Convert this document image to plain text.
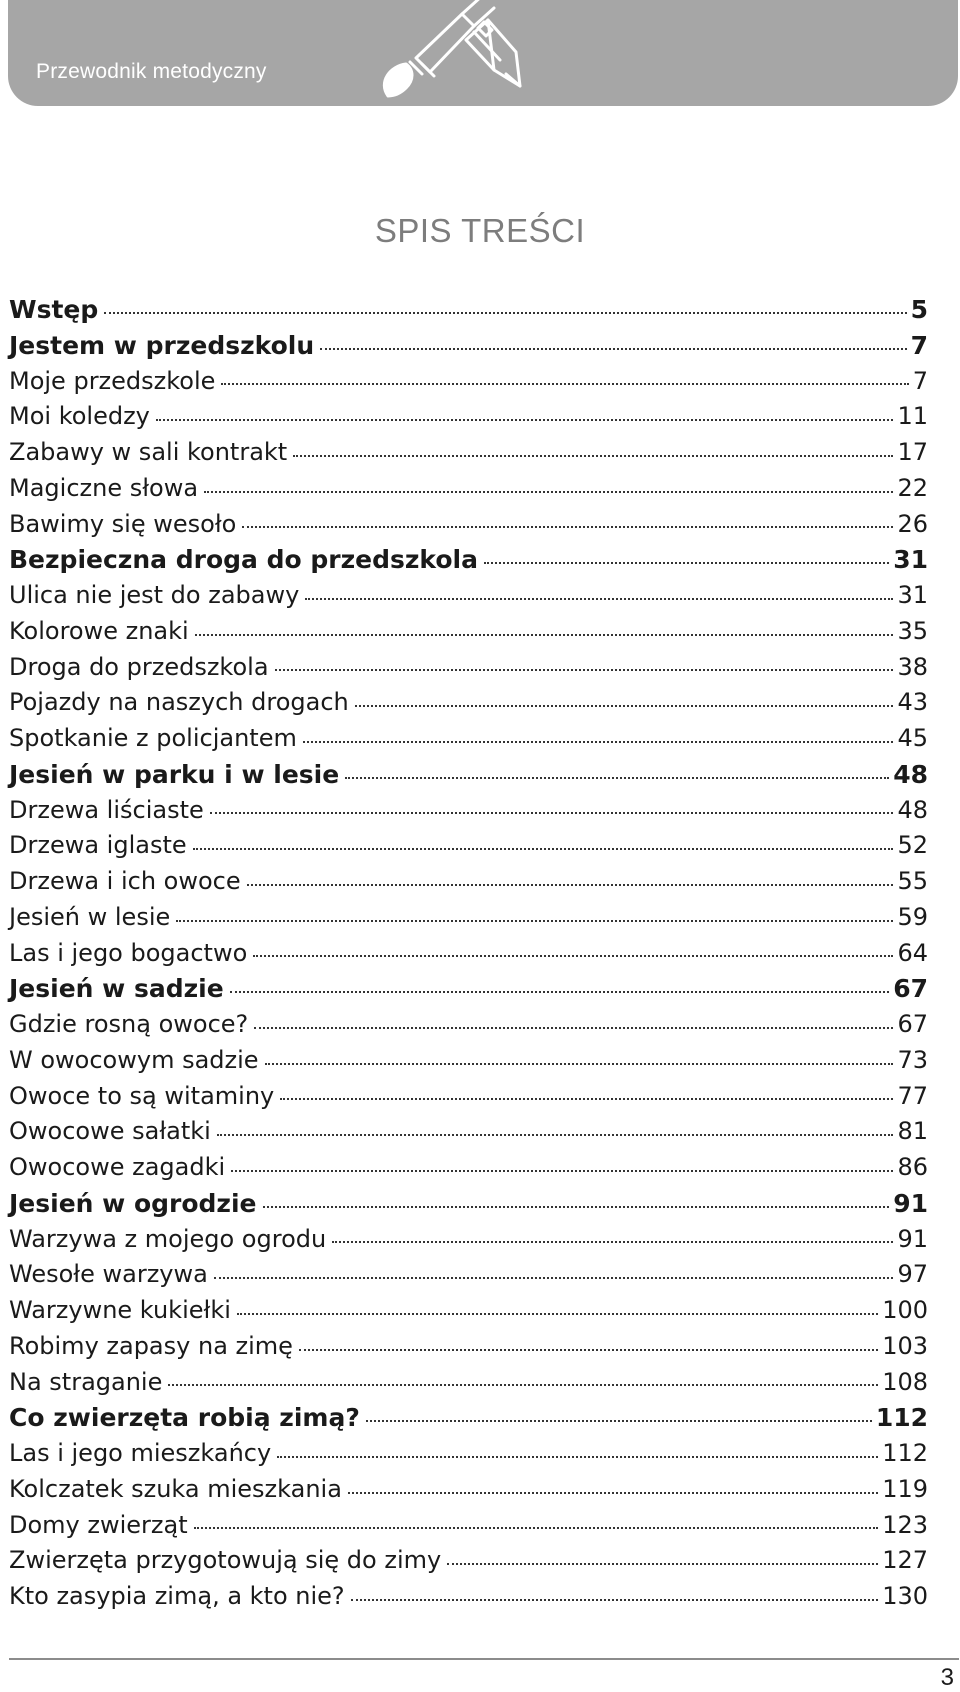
Przewodnik metodyczny
SPIS TREŚCI
Wstęp	5
Jestem w przedszkolu	7
Moje przedszkole	7
Moi koledzy	11
Zabawy w sali kontrakt	17
Magiczne słowa	22
Bawimy się wesoło	26
Bezpieczna droga do przedszkola	31
Ulica nie jest do zabawy	31
Kolorowe znaki	35
Droga do przedszkola	38
Pojazdy na naszych drogach	43
Spotkanie z policjantem	45
Jesień w parku i w lesie	48
Drzewa liściaste	48
Drzewa iglaste	52
Drzewa i ich owoce	55
Jesień w lesie	59
Las i jego bogactwo	64
Jesień w sadzie	67
Gdzie rosną owoce?	67
W owocowym sadzie	73
Owoce to są witaminy	77
Owocowe sałatki	81
Owocowe zagadki	86
Jesień w ogrodzie	91
Warzywa z mojego ogrodu	91
Wesołe warzywa	97
Warzywne kukiełki	100
Robimy zapasy na zimę	103
Na straganie	108
Co zwierzęta robią zimą?	112
Las i jego mieszkańcy	112
Kolczatek szuka mieszkania	119
Domy zwierząt	123
Zwierzęta przygotowują się do zimy	127
Kto zasypia zimą, a kto nie?	130
3
